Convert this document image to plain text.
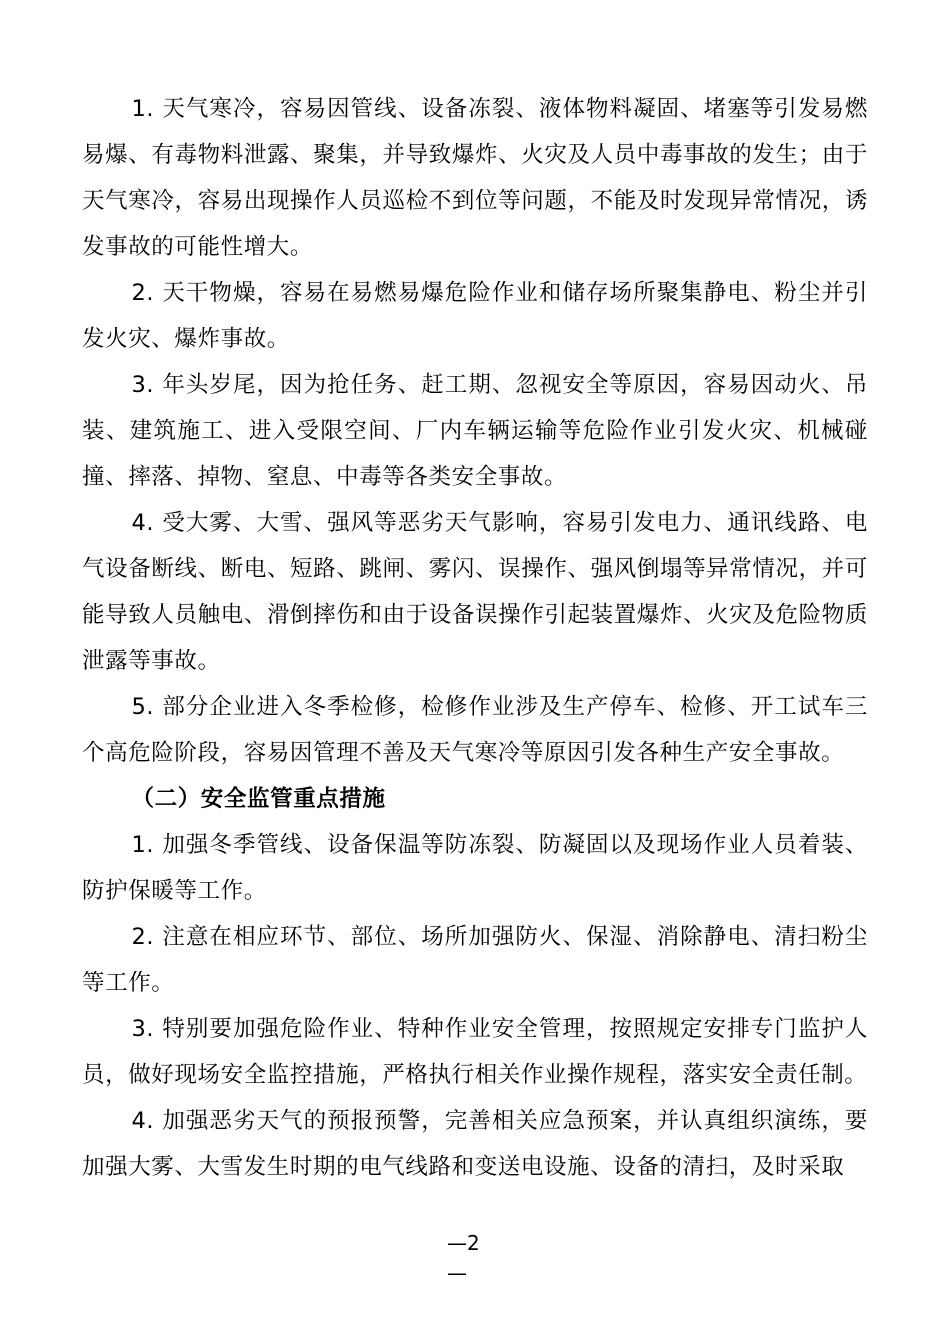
1. 天气寒冷，容易因管线、设备冻裂、液体物料凝固、堵塞等引发易燃易爆、有毒物料泄露、聚集，并导致爆炸、火灾及人员中毒事故的发生；由于天气寒冷，容易出现操作人员巡检不到位等问题，不能及时发现异常情况，诱发事故的可能性增大。

2. 天干物燥，容易在易燃易爆危险作业和储存场所聚集静电、粉尘并引发火灾、爆炸事故。

3. 年头岁尾，因为抢任务、赶工期、忽视安全等原因，容易因动火、吊装、建筑施工、进入受限空间、厂内车辆运输等危险作业引发火灾、机械碰撞、摔落、掉物、窒息、中毒等各类安全事故。

4. 受大雾、大雪、强风等恶劣天气影响，容易引发电力、通讯线路、电气设备断线、断电、短路、跳闸、雾闪、误操作、强风倒塌等异常情况，并可能导致人员触电、滑倒摔伤和由于设备误操作引起装置爆炸、火灾及危险物质泄露等事故。

5. 部分企业进入冬季检修，检修作业涉及生产停车、检修、开工试车三个高危险阶段，容易因管理不善及天气寒冷等原因引发各种生产安全事故。

（二）安全监管重点措施

1. 加强冬季管线、设备保温等防冻裂、防凝固以及现场作业人员着装、防护保暖等工作。

2. 注意在相应环节、部位、场所加强防火、保湿、消除静电、清扫粉尘等工作。

3. 特别要加强危险作业、特种作业安全管理，按照规定安排专门监护人员，做好现场安全监控措施，严格执行相关作业操作规程，落实安全责任制。

4. 加强恶劣天气的预报预警，完善相关应急预案，并认真组织演练，要加强大雾、大雪发生时期的电气线路和变送电设施、设备的清扫，及时采取

—2
—
